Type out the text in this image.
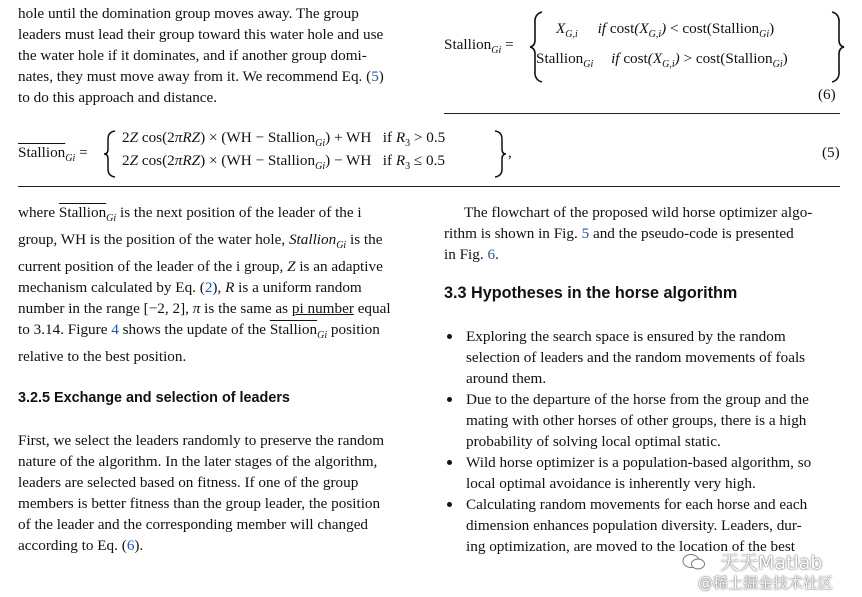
hole until the domination group moves away. The group
leaders must lead their group toward this water hole and use
the water hole if it dominates, and if another group domi-
nates, they must move away from it. We recommend Eq. (5)
to do this approach and distance.
Stallion$_{Gi}$ =
$X_{G,i}$ if $\cos t(X_{G,i})$ < cost(Stallion$_{Gi}$)
Stallion$_{Gi}$ if $\cos t(X_{G,i})$ > cost(Stallion$_{Gi}$)
(6)
Stallion$_{Gi}$ =
2Z cos(2πRZ) × (WH − Stallion$_{Gi}$) + WH   if $R_3 > 0.5$
2Z cos(2πRZ) × (WH − Stallion$_{Gi}$) − WH   if $R_3 \le 0.5$	,	(5)
where Stallion$_{Gi}$ is the next position of the leader of the i
group, WH is the position of the water hole, Stallion$_{Gi}$ is the
current position of the leader of the i group, Z is an adaptive
mechanism calculated by Eq. (2), R is a uniform random
number in the range [−2, 2], π is the same as pi number equal
to 3.14. Figure 4 shows the update of the Stallion$_{Gi}$ position
relative to the best position.
3.2.5 Exchange and selection of leaders
First, we select the leaders randomly to preserve the random
nature of the algorithm. In the later stages of the algorithm,
leaders are selected based on fitness. If one of the group
members is better fitness than the group leader, the position
of the leader and the corresponding member will changed
according to Eq. (6).
The flowchart of the proposed wild horse optimizer algo-
rithm is shown in Fig. 5 and the pseudo-code is presented
in Fig. 6.
3.3 Hypotheses in the horse algorithm
Exploring the search space is ensured by the random
selection of leaders and the random movements of foals
around them.
Due to the departure of the horse from the group and the
mating with other horses of other groups, there is a high
probability of solving local optimal static.
Wild horse optimizer is a population-based algorithm, so
local optimal avoidance is inherently very high.
Calculating random movements for each horse and each
dimension enhances population diversity. Leaders, dur-
ing optimization, are moved to the location of the best
天天Matlab
@稀土掘金技术社区
